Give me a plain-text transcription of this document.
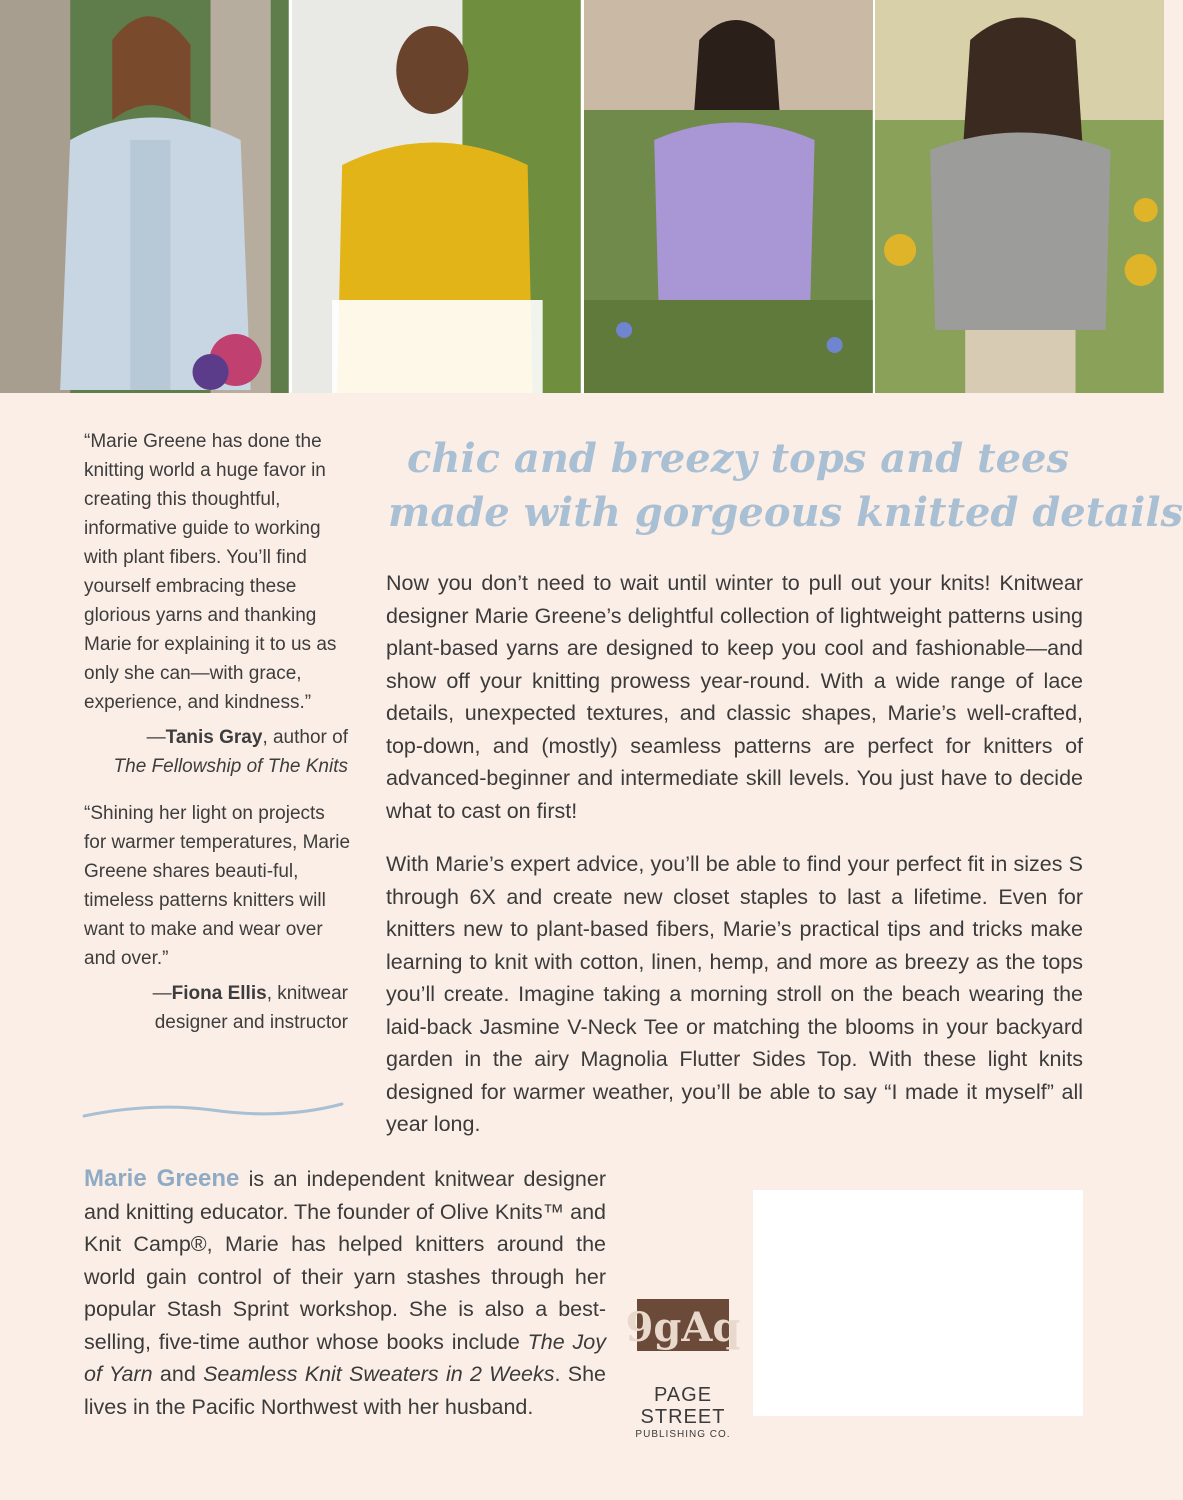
“Marie Greene has done the knitting world a huge favor in creating this thoughtful, informative guide to working with plant fibers. You’ll find yourself embracing these glorious yarns and thanking Marie for explaining it to us as only she can—with grace, experience, and kindness.”
—Tanis Gray, author of
The Fellowship of The Knits
“Shining her light on projects for warmer temperatures, Marie Greene shares beauti-ful, timeless patterns knitters will want to make and wear over and over.”
—Fiona Ellis, knitwear designer and instructor
chic and breezy tops and tees
made with gorgeous knitted details

Now you don’t need to wait until winter to pull out your knits! Knitwear designer Marie Greene’s delightful collection of lightweight patterns using plant-based yarns are designed to keep you cool and fashionable—and show off your knitting prowess year-round. With a wide range of lace details, unexpected textures, and classic shapes, Marie’s well-crafted, top-down, and (mostly) seamless patterns are perfect for knitters of advanced-beginner and intermediate skill levels. You just have to decide what to cast on first!

With Marie’s expert advice, you’ll be able to find your perfect fit in sizes S through 6X and create new closet staples to last a lifetime. Even for knitters new to plant-based fibers, Marie’s practical tips and tricks make learning to knit with cotton, linen, hemp, and more as breezy as the tops you’ll create. Imagine taking a morning stroll on the beach wearing the laid-back Jasmine V-Neck Tee or matching the blooms in your backyard garden in the airy Magnolia Flutter Sides Top. With these light knits designed for warmer weather, you’ll be able to say “I made it myself” all year long.

Marie Greene is an independent knitwear designer and knitting educator. The founder of Olive Knits™ and Knit Camp®, Marie has helped knitters around the world gain control of their yarn stashes through her popular Stash Sprint workshop. She is also a best-selling, five-time author whose books include The Joy of Yarn and Seamless Knit Sweaters in 2 Weeks. She lives in the Pacific Northwest with her husband.
9gAq
PAGE STREET
PUBLISHING CO.
